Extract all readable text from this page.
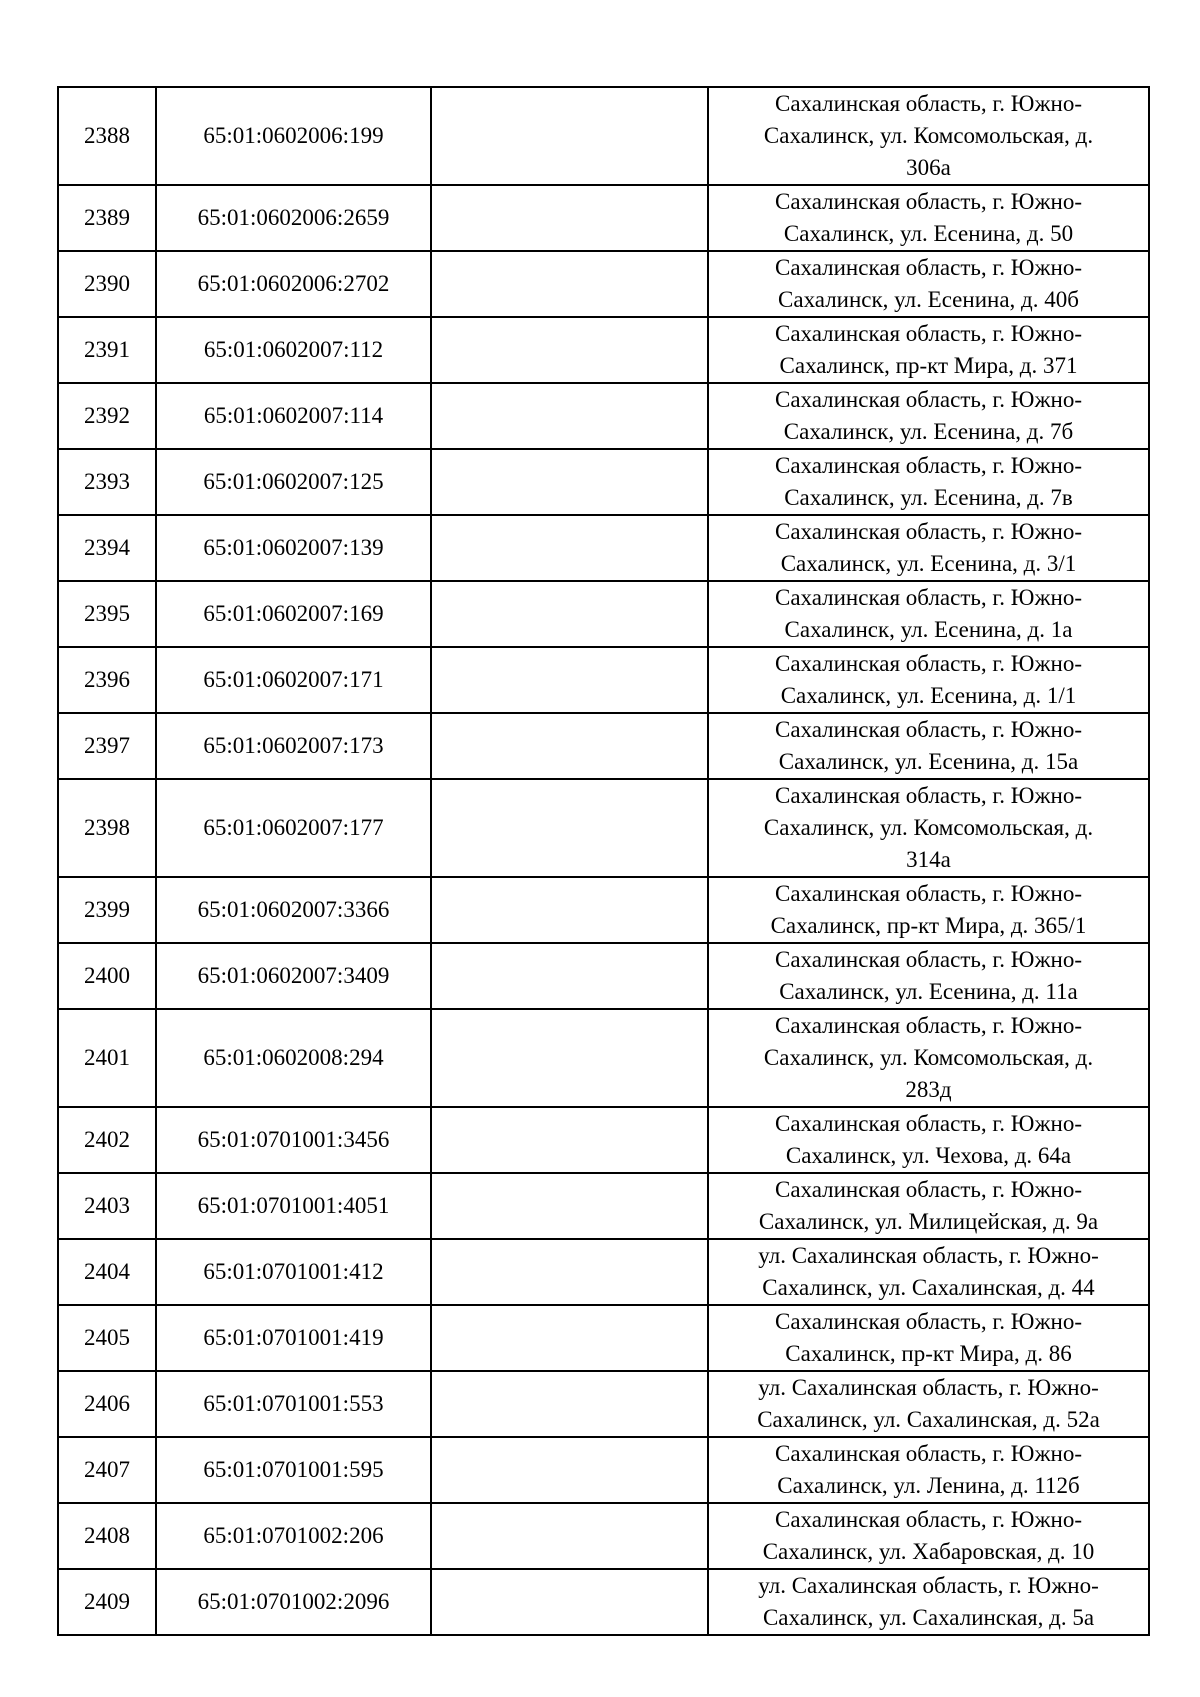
2388	65:01:0602006:199		Сахалинская область, г. Южно-
Сахалинск, ул. Комсомольская, д.
306а

2389	65:01:0602006:2659		Сахалинская область, г. Южно-
Сахалинск, ул. Есенина, д. 50

2390	65:01:0602006:2702		Сахалинская область, г. Южно-
Сахалинск, ул. Есенина, д. 40б

2391	65:01:0602007:112		Сахалинская область, г. Южно-
Сахалинск, пр-кт Мира, д. 371

2392	65:01:0602007:114		Сахалинская область, г. Южно-
Сахалинск, ул. Есенина, д. 7б

2393	65:01:0602007:125		Сахалинская область, г. Южно-
Сахалинск, ул. Есенина, д. 7в

2394	65:01:0602007:139		Сахалинская область, г. Южно-
Сахалинск, ул. Есенина, д. 3/1

2395	65:01:0602007:169		Сахалинская область, г. Южно-
Сахалинск, ул. Есенина, д. 1а

2396	65:01:0602007:171		Сахалинская область, г. Южно-
Сахалинск, ул. Есенина, д. 1/1

2397	65:01:0602007:173		Сахалинская область, г. Южно-
Сахалинск, ул. Есенина, д. 15а

2398	65:01:0602007:177		Сахалинская область, г. Южно-
Сахалинск, ул. Комсомольская, д.
314а

2399	65:01:0602007:3366		Сахалинская область, г. Южно-
Сахалинск, пр-кт Мира, д. 365/1

2400	65:01:0602007:3409		Сахалинская область, г. Южно-
Сахалинск, ул. Есенина, д. 11а

2401	65:01:0602008:294		Сахалинская область, г. Южно-
Сахалинск, ул. Комсомольская, д.
283д

2402	65:01:0701001:3456		Сахалинская область, г. Южно-
Сахалинск, ул. Чехова, д. 64а

2403	65:01:0701001:4051		Сахалинская область, г. Южно-
Сахалинск, ул. Милицейская, д. 9а

2404	65:01:0701001:412		ул. Сахалинская область, г. Южно-
Сахалинск, ул. Сахалинская, д. 44

2405	65:01:0701001:419		Сахалинская область, г. Южно-
Сахалинск, пр-кт Мира, д. 86

2406	65:01:0701001:553		ул. Сахалинская область, г. Южно-
Сахалинск, ул. Сахалинская, д. 52а

2407	65:01:0701001:595		Сахалинская область, г. Южно-
Сахалинск, ул. Ленина, д. 112б

2408	65:01:0701002:206		Сахалинская область, г. Южно-
Сахалинск, ул. Хабаровская, д. 10

2409	65:01:0701002:2096		ул. Сахалинская область, г. Южно-
Сахалинск, ул. Сахалинская, д. 5а
